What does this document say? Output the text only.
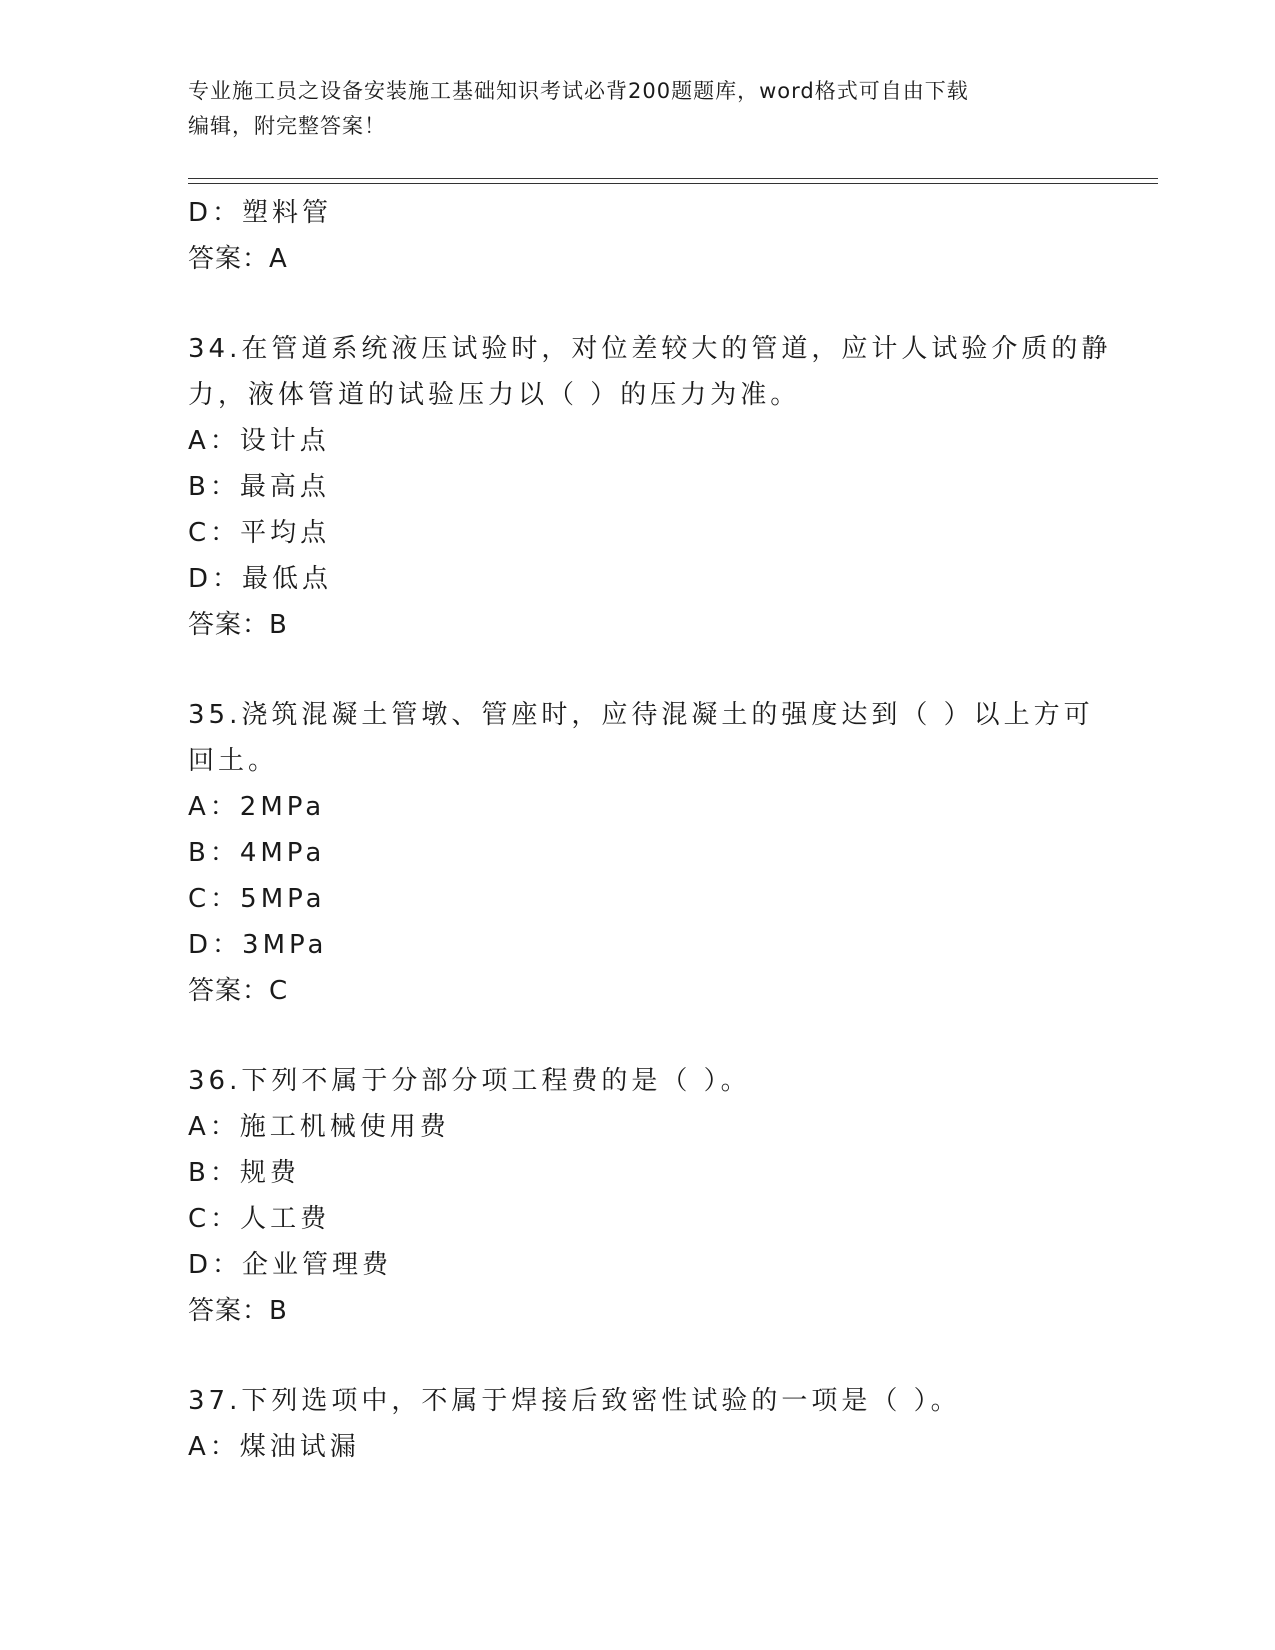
专业施工员之设备安装施工基础知识考试必背200题题库，word格式可自由下载
编辑，附完整答案！
D：塑料管
答案：A
34.在管道系统液压试验时，对位差较大的管道，应计人试验介质的静
力，液体管道的试验压力以（ ）的压力为准。
A：设计点
B：最高点
C：平均点
D：最低点
答案：B
35.浇筑混凝土管墩、管座时，应待混凝土的强度达到（ ）以上方可
回土。
A：2MPa
B：4MPa
C：5MPa
D：3MPa
答案：C
36.下列不属于分部分项工程费的是（ ）。
A：施工机械使用费
B：规费
C：人工费
D：企业管理费
答案：B
37.下列选项中，不属于焊接后致密性试验的一项是（ ）。
A：煤油试漏
